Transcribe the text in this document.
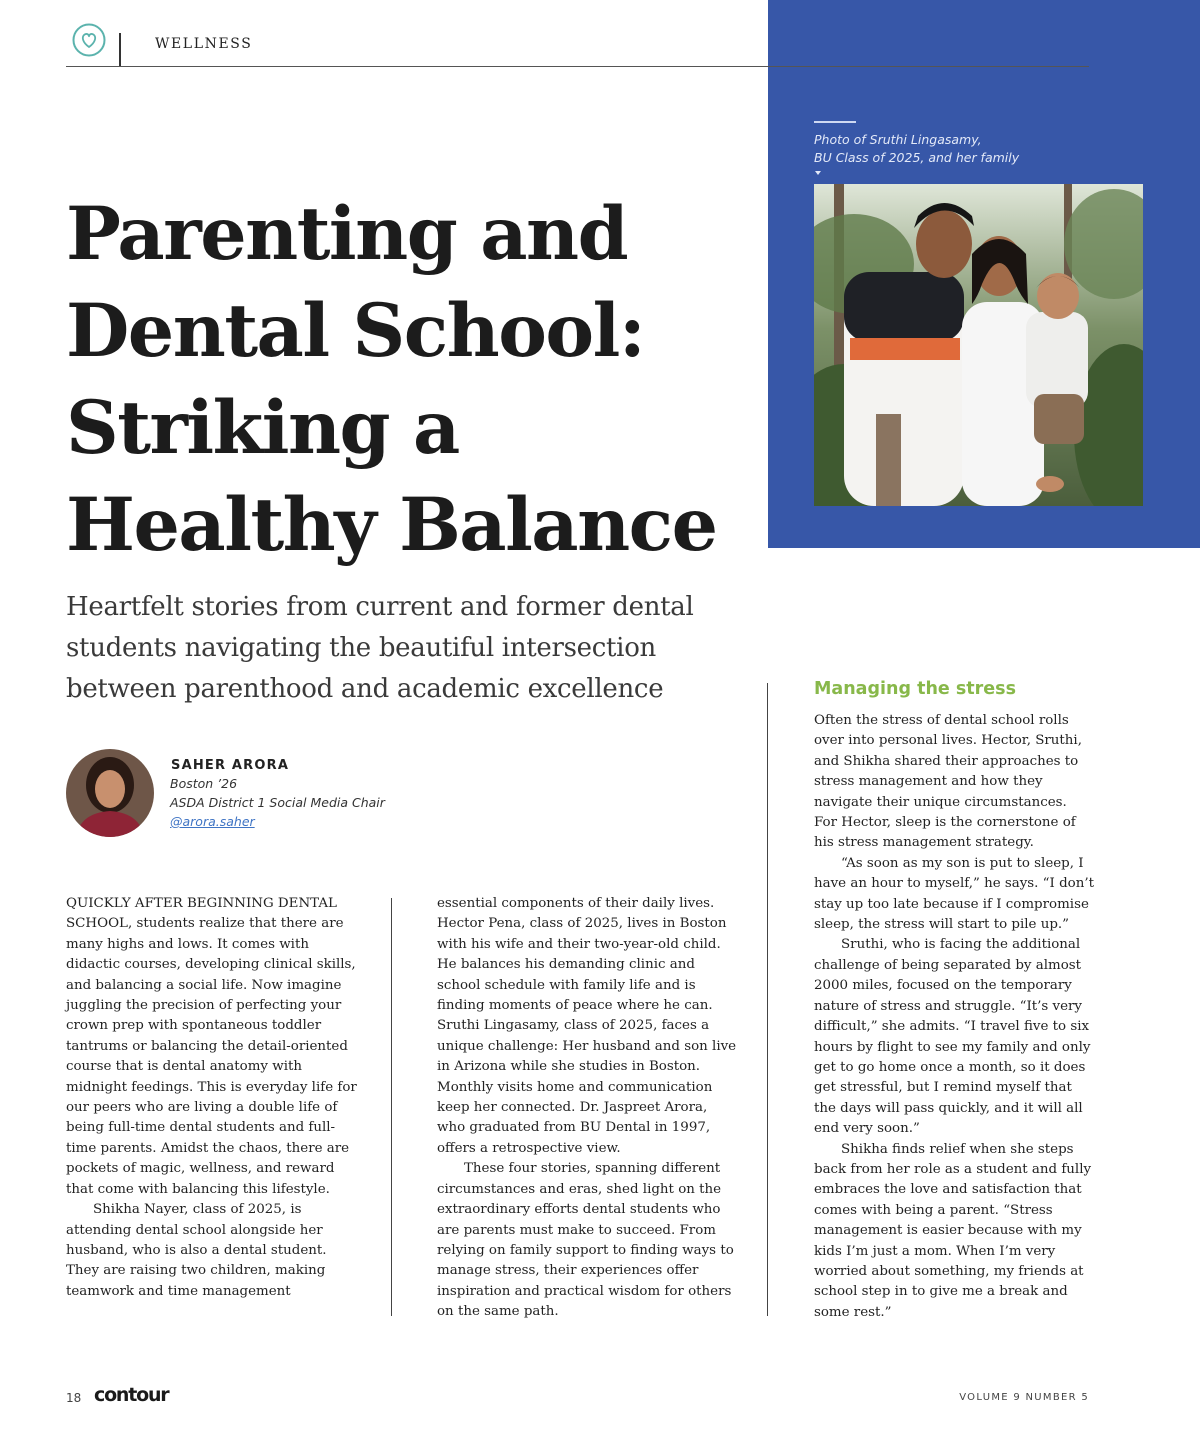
Photo of Sruthi Lingasamy,
BU Class of 2025, and her family
WELLNESS
Parenting and
Dental School:
Striking a
Healthy Balance
Heartfelt stories from current and former dental
students navigating the beautiful intersection
between parenthood and academic excellence
SAHER ARORA
Boston ’26
ASDA District 1 Social Media Chair
@arora.saher

QUICKLY AFTER BEGINNING DENTAL SCHOOL, students realize that there are many highs and lows. It comes with didactic courses, developing clinical skills, and balancing a social life. Now imagine juggling the precision of perfecting your crown prep with spontaneous toddler tantrums or balancing the detail-oriented course that is dental anatomy with midnight feedings. This is everyday life for our peers who are living a double life of being full-time dental students and full-time parents. Amidst the chaos, there are pockets of magic, wellness, and reward that come with balancing this lifestyle.

Shikha Nayer, class of 2025, is attending dental school alongside her husband, who is also a dental student. They are raising two children, making teamwork and time management

essential components of their daily lives. Hector Pena, class of 2025, lives in Boston with his wife and their two-year-old child. He balances his demanding clinic and school schedule with family life and is finding moments of peace where he can. Sruthi Lingasamy, class of 2025, faces a unique challenge: Her husband and son live in Arizona while she studies in Boston. Monthly visits home and communication keep her connected. Dr. Jaspreet Arora, who graduated from BU Dental in 1997, offers a retrospective view.

These four stories, spanning different circumstances and eras, shed light on the extraordinary efforts dental students who are parents must make to succeed. From relying on family support to finding ways to manage stress, their experiences offer inspiration and practical wisdom for others on the same path.

Managing the stress

Often the stress of dental school rolls over into personal lives. Hector, Sruthi, and Shikha shared their approaches to stress management and how they navigate their unique circumstances. For Hector, sleep is the cornerstone of his stress management strategy.

“As soon as my son is put to sleep, I have an hour to myself,” he says. “I don’t stay up too late because if I compromise sleep, the stress will start to pile up.”

Sruthi, who is facing the additional challenge of being separated by almost 2000 miles, focused on the temporary nature of stress and struggle. “It’s very difficult,” she admits. “I travel five to six hours by flight to see my family and only get to go home once a month, so it does get stressful, but I remind myself that the days will pass quickly, and it will all end very soon.”

Shikha finds relief when she steps back from her role as a student and fully embraces the love and satisfaction that comes with being a parent. “Stress management is easier because with my kids I’m just a mom. When I’m very worried about something, my friends at school step in to give me a break and some rest.”

18 contour	VOLUME 9 NUMBER 5
